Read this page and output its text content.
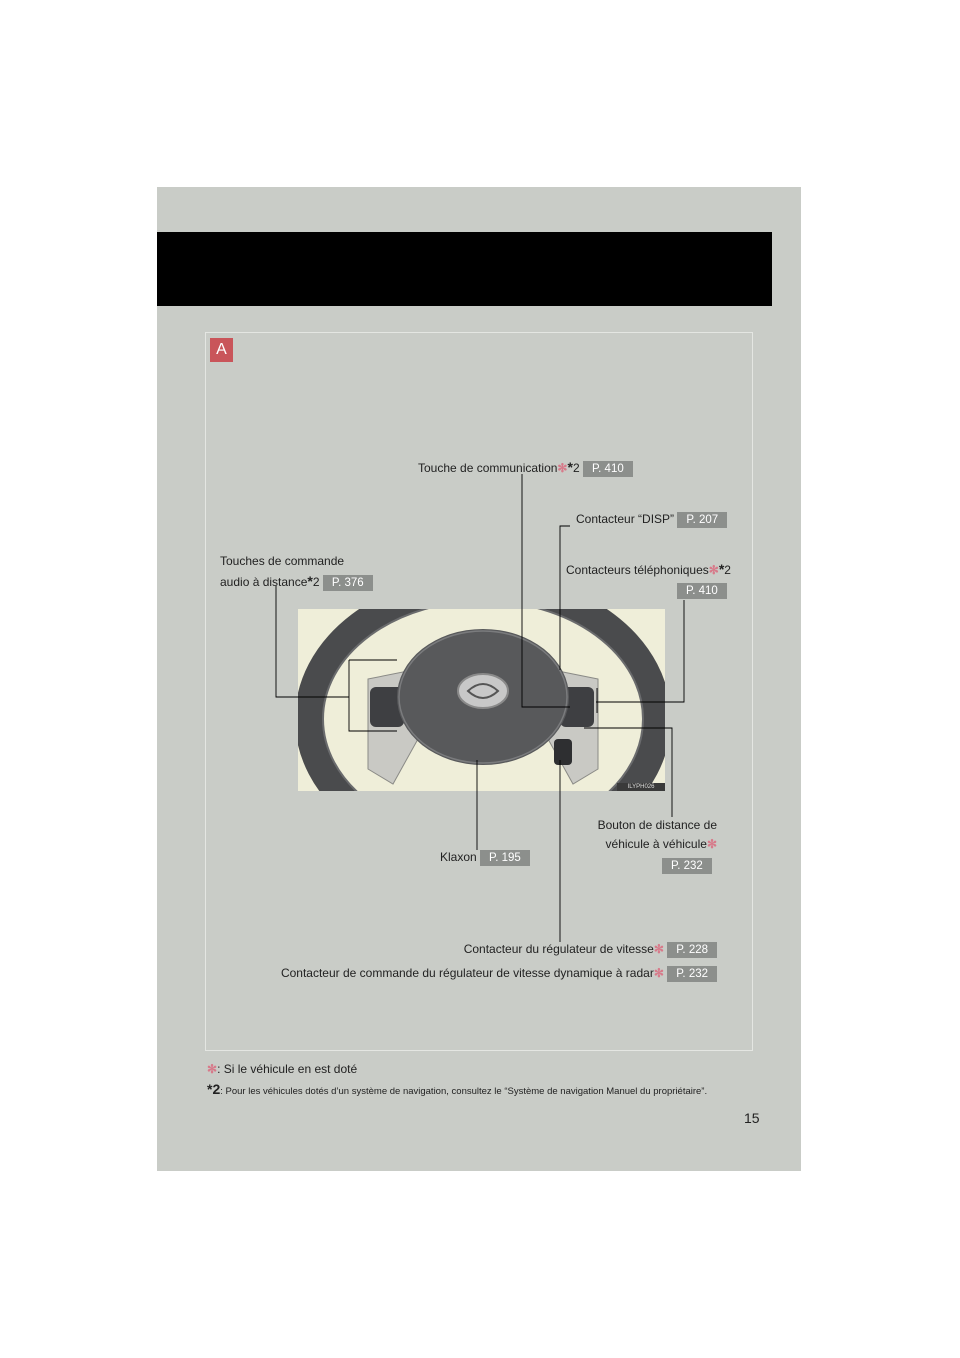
A
ILYPH026
Touche de communication✻*2 P. 410
Contacteur “DISP” P. 207
Contacteurs téléphoniques✻*2
P. 410
Touches de commande
audio à distance*2 P. 376
Klaxon P. 195
Bouton de distance de
véhicule à véhicule✻
P. 232
Contacteur du régulateur de vitesse✻ P. 228
Contacteur de commande du régulateur de vitesse dynamique à radar✻ P. 232
✻: Si le véhicule en est doté
*2: Pour les véhicules dotés d’un système de navigation, consultez le “Système de navigation Manuel du propriétaire”.
15
